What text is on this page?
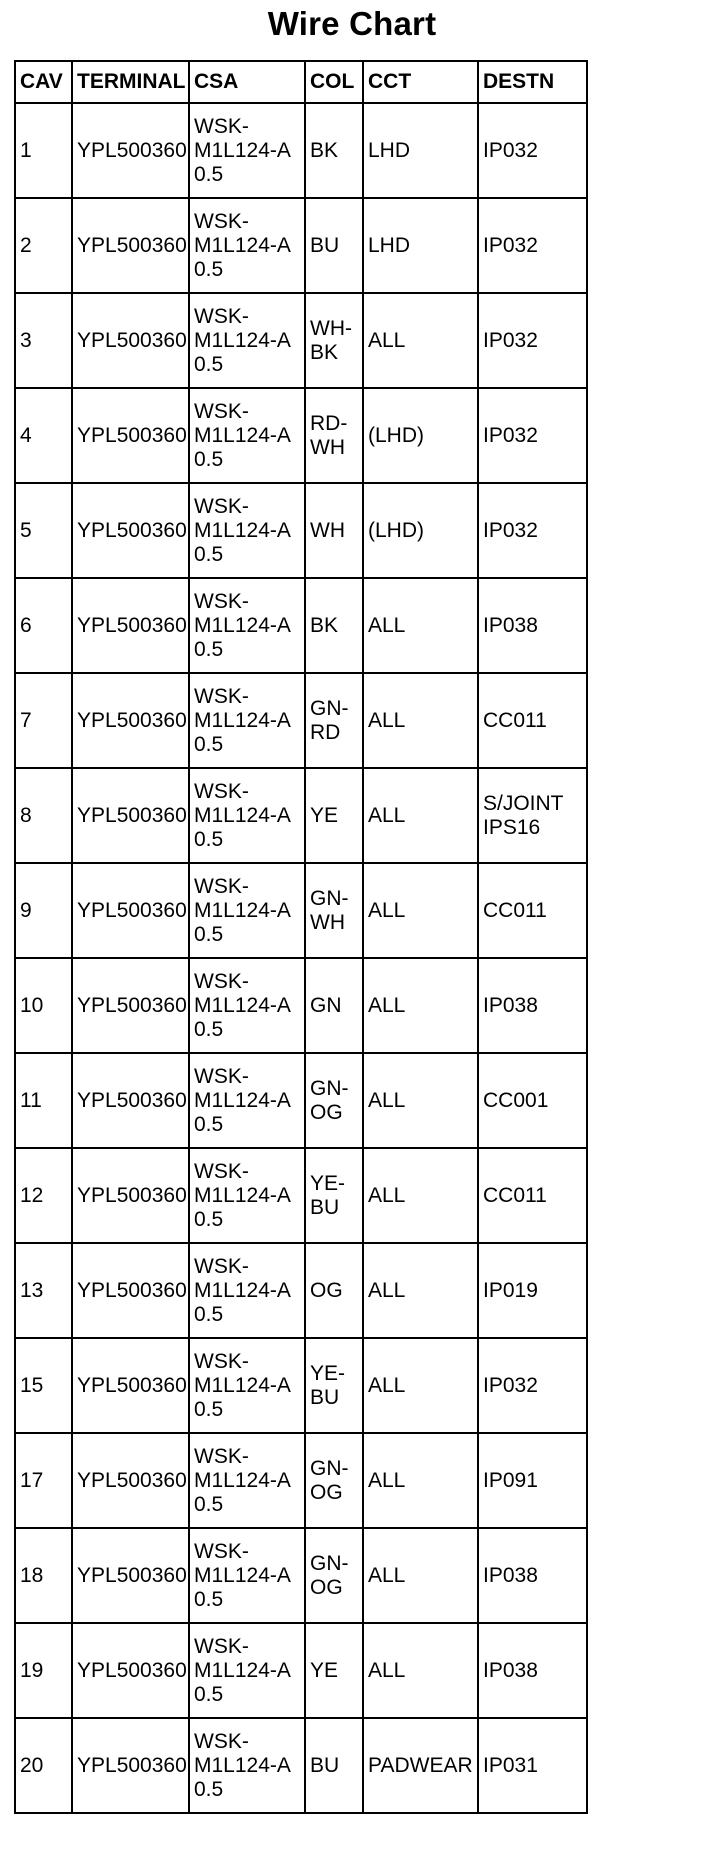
Wire Chart
CAV	TERMINAL	CSA	COL	CCT	DESTN
1	YPL500360	WSK-
M1L124-A
0.5	BK	LHD	IP032

2	YPL500360	WSK-
M1L124-A
0.5	BU	LHD	IP032

3	YPL500360	WSK-
M1L124-A
0.5	WH-
BK	ALL	IP032

4	YPL500360	WSK-
M1L124-A
0.5	RD-
WH	(LHD)	IP032

5	YPL500360	WSK-
M1L124-A
0.5	WH	(LHD)	IP032

6	YPL500360	WSK-
M1L124-A
0.5	BK	ALL	IP038

7	YPL500360	WSK-
M1L124-A
0.5	GN-
RD	ALL	CC011

8	YPL500360	WSK-
M1L124-A
0.5	YE	ALL	S/JOINT
IPS16

9	YPL500360	WSK-
M1L124-A
0.5	GN-
WH	ALL	CC011

10	YPL500360	WSK-
M1L124-A
0.5	GN	ALL	IP038

11	YPL500360	WSK-
M1L124-A
0.5	GN-
OG	ALL	CC001

12	YPL500360	WSK-
M1L124-A
0.5	YE-
BU	ALL	CC011

13	YPL500360	WSK-
M1L124-A
0.5	OG	ALL	IP019

15	YPL500360	WSK-
M1L124-A
0.5	YE-
BU	ALL	IP032

17	YPL500360	WSK-
M1L124-A
0.5	GN-
OG	ALL	IP091

18	YPL500360	WSK-
M1L124-A
0.5	GN-
OG	ALL	IP038

19	YPL500360	WSK-
M1L124-A
0.5	YE	ALL	IP038

20	YPL500360	WSK-
M1L124-A
0.5	BU	PADWEAR	IP031
